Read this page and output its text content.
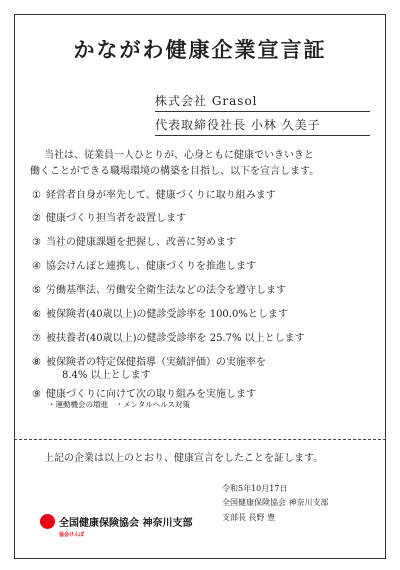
かながわ健康企業宣言証
株式会社 Grasol
代表取締役社長 小林 久美子

当社は、従業員一人ひとりが、心身ともに健康でいきいきと

働くことができる職場環境の構築を目指し、以下を宣言します。

① 経営者自身が率先して、健康づくりに取り組みます
② 健康づくり担当者を設置します
③ 当社の健康課題を把握し、改善に努めます
④ 協会けんぽと連携し、健康づくりを推進します
⑤ 労働基準法、労働安全衛生法などの法令を遵守します
⑥ 被保険者(40歳以上)の健診受診率を 100.0%とします
⑦ 被扶養者(40歳以上)の健診受診率を 25.7% 以上とします
⑧ 被保険者の特定保健指導（実績評価）の実施率を
8.4% 以上とします
⑨ 健康づくりに向けて次の取り組みを実施します
・運動機会の増進　・メンタルヘルス対策
上記の企業は以上のとおり、健康宣言をしたことを証します。
令和5年10月17日
全国健康保険協会 神奈川支部
支部長 長野 豊
全国健康保険協会 神奈川支部
協会けんぽ
